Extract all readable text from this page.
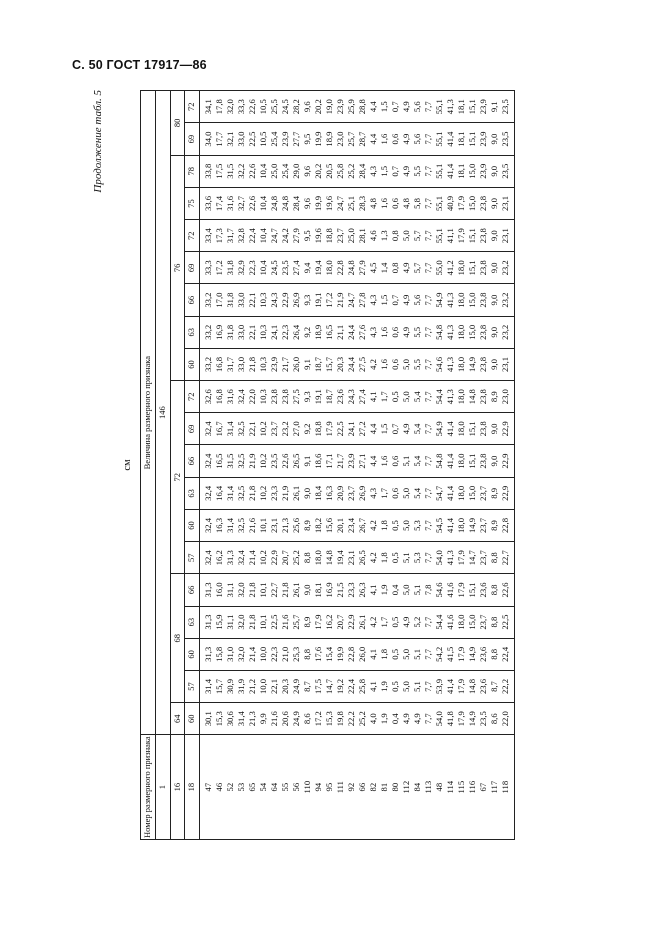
С. 50 ГОСТ 17917—86
Продолжение табл. 5
см
Номер размерного признака	Величина размерного признака																			
1	146																			
16	64	68				72						76							80	
18	60	57	60	63	66	57	60	63	66	69	72	60	63	66	69	72	75	78	69	72
47	30,1	31,4	31,3	31,3	31,3	32,4	32,4	32,4	32,4	32,4	32,6	33,2	33,2	33,2	33,3	33,4	33,6	33,8	34,0	34,1
46	15,3	15,7	15,8	15,9	16,0	16,2	16,3	16,4	16,5	16,7	16,8	16,8	16,9	17,0	17,2	17,3	17,4	17,5	17,7	17,8
52	30,6	30,9	31,0	31,1	31,1	31,3	31,4	31,4	31,5	31,4	31,6	31,7	31,8	31,8	31,8	31,7	31,6	31,5	32,1	32,0
53	31,4	31,9	32,0	32,0	32,0	32,4	32,5	32,5	32,5	32,5	32,4	33,0	33,0	33,0	32,9	32,8	32,7	32,2	33,0	33,3
65	21,3	21,2	21,4	21,8	21,8	21,4	21,6	21,8	21,9	22,1	22,0	21,8	22,1	22,1	22,3	22,4	22,6	22,6	22,5	22,6
54	9,9	10,0	10,0	10,1	10,1	10,2	10,1	10,2	10,2	10,2	10,3	10,3	10,3	10,3	10,4	10,4	10,4	10,4	10,5	10,5
64	21,6	22,1	22,3	22,5	22,7	22,9	23,1	23,3	23,5	23,7	23,8	23,9	24,1	24,3	24,5	24,7	24,8	25,0	25,4	25,5
55	20,6	20,3	21,0	21,6	21,8	20,7	21,3	21,9	22,6	23,2	23,8	21,7	22,3	22,9	23,5	24,2	24,8	25,4	23,9	24,5
56	24,9	24,9	25,3	25,7	26,1	25,2	25,6	26,1	26,5	27,0	27,5	26,0	26,4	26,9	27,4	27,9	28,4	29,0	27,7	28,2
110	8,6	8,7	8,8	8,9	9,0	8,8	8,9	9,0	9,1	9,2	9,3	9,1	9,2	9,3	9,4	9,5	9,6	9,6	9,5	9,6
94	17,2	17,5	17,6	17,9	18,1	18,0	18,2	18,4	18,6	18,8	19,1	18,7	18,9	19,1	19,4	19,6	19,9	20,2	19,9	20,2
95	15,3	14,7	15,4	16,2	16,9	14,8	15,6	16,3	17,1	17,9	18,7	15,7	16,5	17,2	18,0	18,8	19,6	20,5	18,9	19,0
111	19,8	19,2	19,9	20,7	21,5	19,4	20,1	20,9	21,7	22,5	23,6	20,3	21,1	21,9	22,8	23,7	24,7	25,8	23,0	23,9
92	22,2	22,4	22,8	22,9	23,3	23,1	23,4	23,7	23,9	24,1	24,3	24,4	24,4	24,7	24,8	25,0	25,1	25,2	25,7	25,9
66	25,2	25,8	26,0	26,1	26,3	26,5	26,7	26,9	27,1	27,2	27,4	27,5	27,6	27,8	27,9	28,1	28,3	28,4	28,7	28,8
82	4,0	4,1	4,1	4,2	4,1	4,2	4,2	4,3	4,4	4,4	4,1	4,2	4,3	4,3	4,5	4,6	4,8	4,3	4,4	4,4
81	1,9	1,9	1,8	1,7	1,9	1,8	1,8	1,7	1,6	1,5	1,7	1,6	1,6	1,5	1,4	1,3	1,6	1,5	1,6	1,5
80	0,4	0,5	0,5	0,5	0,4	0,5	0,5	0,6	0,6	0,7	0,5	0,6	0,6	0,7	0,8	0,8	0,6	0,7	0,6	0,7
112	4,9	5,0	5,0	4,9	5,0	5,1	5,0	5,0	5,1	4,9	5,0	5,0	4,9	4,9	4,9	5,0	4,8	4,9	4,9	4,9
84	4,9	5,1	5,1	5,2	5,1	5,3	5,3	5,4	5,4	5,4	5,4	5,5	5,5	5,6	5,7	5,7	5,8	5,5	5,6	5,6
113	7,7	7,7	7,7	7,7	7,8	7,7	7,7	7,7	7,7	7,7	7,7	7,7	7,7	7,7	7,7	7,7	7,7	7,7	7,7	7,7
48	54,0	53,9	54,2	54,4	54,6	54,0	54,5	54,7	54,8	54,9	54,4	54,6	54,8	54,9	55,0	55,1	55,1	55,1	55,1	55,1
114	41,8	41,4	41,5	41,6	41,6	41,3	41,4	41,4	41,4	41,4	41,3	41,3	41,3	41,3	41,2	41,1	40,9	41,4	41,4	41,3
115	17,9	17,9	17,9	18,0	17,9	17,9	18,0	18,0	18,0	18,0	18,0	18,0	18,0	18,0	18,0	17,9	17,9	18,1	18,1	18,1
116	14,9	14,8	14,9	15,0	15,1	14,7	14,9	15,0	15,1	15,1	14,8	14,9	15,0	15,0	15,1	15,1	15,0	15,0	15,1	15,1
67	23,5	23,6	23,6	23,7	23,6	23,7	23,7	23,7	23,8	23,8	23,8	23,8	23,8	23,8	23,8	23,8	23,8	23,9	23,9	23,9
117	8,6	8,7	8,8	8,8	8,8	8,8	8,9	8,9	9,0	9,0	8,9	9,0	9,0	9,0	9,0	9,0	9,0	9,0	9,0	9,1
118	22,0	22,2	22,4	22,5	22,6	22,7	22,8	22,9	22,9	22,9	23,0	23,1	23,2	23,2	23,2	23,1	23,1	23,5	23,5	23,5
